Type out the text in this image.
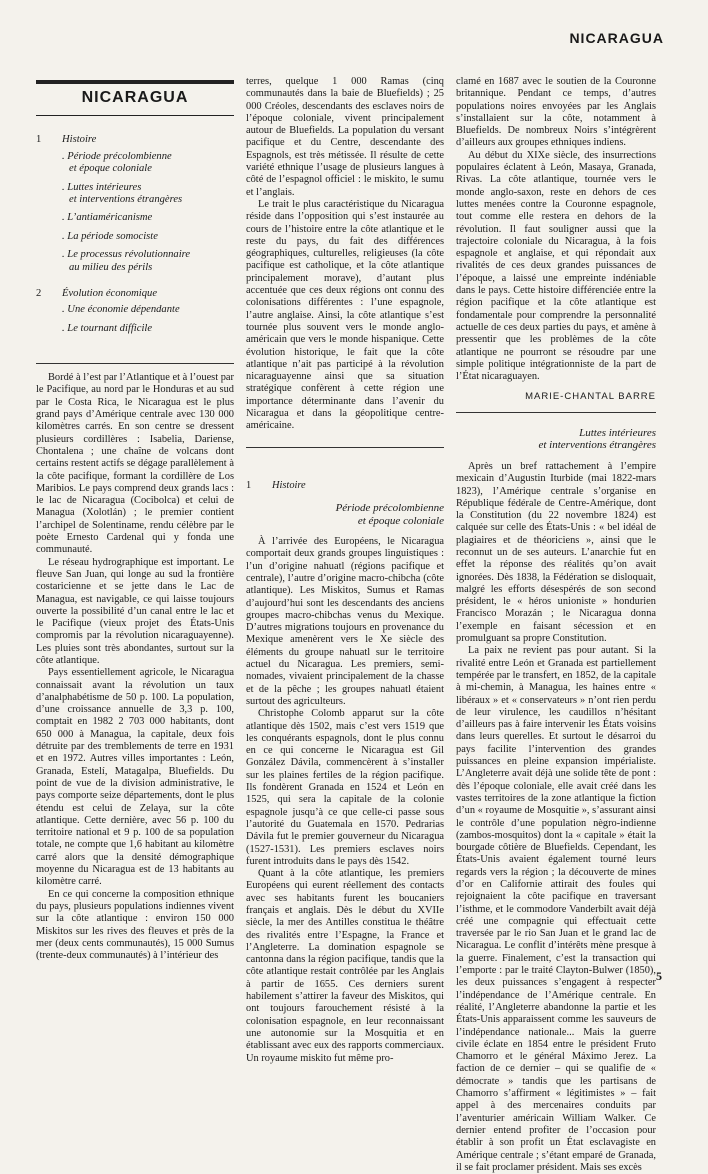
NICARAGUA
NICARAGUA
1	Histoire
. Période précolombienne
et époque coloniale
. Luttes intérieures
et interventions étrangères
. L’antiaméricanisme
. La période somociste
. Le processus révolutionnaire
au milieu des périls
2	Évolution économique
. Une économie dépendante
. Le tournant difficile

Bordé à l’est par l’Atlantique et à l’ouest par le Pacifique, au nord par le Honduras et au sud par le Costa Rica, le Nicaragua est le plus grand pays d’Amérique centrale avec 130 000 kilomètres carrés. En son centre se dressent plusieurs cordillères : Isabelia, Dariense, Chontalena ; une chaîne de volcans dont certains restent actifs se dégage parallèlement à la côte pacifique, formant la cordillère de Los Maribios. Le pays comprend deux grands lacs : le lac de Nicaragua (Cocibolca) et celui de Managua (Xolotlán) ; le premier contient l’archipel de Solentiname, rendu célèbre par le poète Ernesto Cardenal qui y fonda une communauté.

Le réseau hydrographique est important. Le fleuve San Juan, qui longe au sud la frontière costaricienne et se jette dans le Lac de Managua, est navigable, ce qui laisse toujours ouverte la possibilité d’un canal entre le lac et le Pacifique (vieux projet des États-Unis compromis par la révolution nicaraguayenne). Les pluies sont très abondantes, surtout sur la côte atlantique.

Pays essentiellement agricole, le Nicaragua connaissait avant la révolution un taux d’analphabétisme de 50 p. 100. La population, d’une croissance annuelle de 3,3 p. 100, comptait en 1982 2 703 000 habitants, dont 650 000 à Managua, la capitale, deux fois détruite par des tremblements de terre en 1931 et en 1972. Autres villes importantes : León, Granada, Estelí, Matagalpa, Bluefields. Du point de vue de la division administrative, le pays comporte seize départements, dont le plus étendu est celui de Zelaya, sur la côte atlantique. Cette dernière, avec 56 p. 100 du territoire national et 9 p. 100 de sa population totale, ne compte que 1,6 habitant au kilomètre carré alors que la densité démographique moyenne du Nicaragua est de 13 habitants au kilomètre carré.

En ce qui concerne la composition ethnique du pays, plusieurs populations indiennes vivent sur la côte atlantique : environ 150 000 Miskitos sur les rives des fleuves et près de la mer (deux cents communautés), 15 000 Sumus (trente-deux communautés) à l’intérieur des

terres, quelque 1 000 Ramas (cinq communautés dans la baie de Bluefields) ; 25 000 Créoles, descendants des esclaves noirs de l’époque coloniale, vivent principalement autour de Bluefields. La population du versant pacifique et du Centre, descendante des Espagnols, est très métissée. Il résulte de cette variété ethnique l’usage de plusieurs langues à côté de l’espagnol officiel : le miskito, le sumu et l’anglais.

Le trait le plus caractéristique du Nicaragua réside dans l’opposition qui s’est instaurée au cours de l’histoire entre la côte atlantique et le reste du pays, du fait des différences géographiques, culturelles, religieuses (la côte pacifique est catholique, et la côte atlantique principalement morave), d’autant plus accentuée que ces deux régions ont connu des colonisations différentes : l’une espagnole, l’autre anglaise. Ainsi, la côte atlantique s’est tournée plus souvent vers le monde anglo-américain que vers le monde hispanique. Cette évolution historique, le fait que la côte atlantique n’ait pas participé à la révolution nicaraguayenne ainsi que sa situation stratégique confèrent à cette région une importance déterminante dans l’avenir du Nicaragua et dans la géopolitique centre-américaine.

1	Histoire
Période précolombienne
et époque coloniale

À l’arrivée des Européens, le Nicaragua comportait deux grands groupes linguistiques : l’un d’origine nahuatl (régions pacifique et centrale), l’autre d’origine macro-chibcha (côte atlantique). Les Miskitos, Sumus et Ramas d’aujourd’hui sont les descendants des anciens groupes macro-chibchas venus du Mexique. D’autres migrations toujours en provenance du Mexique amenèrent vers le Xe siècle des éléments du groupe nahuatl sur le territoire actuel du Nicaragua. Les premiers, semi-nomades, vivaient principalement de la chasse et de la pêche ; les groupes nahuatl étaient surtout des agriculteurs.

Christophe Colomb apparut sur la côte atlantique dès 1502, mais c’est vers 1519 que les conquérants espagnols, dont le plus connu en ce qui concerne le Nicaragua est Gil González Dávila, commencèrent à s’installer sur les plaines fertiles de la région pacifique. Ils fondèrent Granada en 1524 et León en 1525, qui sera la capitale de la colonie espagnole jusqu’à ce que celle-ci passe sous l’autorité du Guatemala en 1570. Pedrarias Dávila fut le premier gouverneur du Nicaragua (1527-1531). Les premiers esclaves noirs furent introduits dans le pays dès 1542.

Quant à la côte atlantique, les premiers Européens qui eurent réellement des contacts avec ses habitants furent les boucaniers français et anglais. Dès le début du XVIIe siècle, la mer des Antilles constitua le théâtre des rivalités entre l’Espagne, la France et l’Angleterre. La domination espagnole se cantonna dans la région pacifique, tandis que la côte atlantique restait contrôlée par les Anglais à partir de 1655. Ces derniers surent habilement s’attirer la faveur des Miskitos, qui ont toujours farouchement résisté à la colonisation espagnole, en leur reconnaissant une autonomie sur la Mosquitia et en établissant avec eux des rapports commerciaux. Un royaume miskito fut même pro-

clamé en 1687 avec le soutien de la Couronne britannique. Pendant ce temps, d’autres populations noires envoyées par les Anglais s’installaient sur la côte, notamment à Bluefields. De nombreux Noirs s’intégrèrent d’ailleurs aux groupes ethniques indiens.

Au début du XIXe siècle, des insurrections populaires éclatent à León, Masaya, Granada, Rivas. La côte atlantique, tournée vers le monde anglo-saxon, reste en dehors de ces luttes menées contre la Couronne espagnole, tout comme elle restera en dehors de la révolution. Il faut souligner aussi que la trajectoire coloniale du Nicaragua, à la fois espagnole et anglaise, et qui répondait aux rivalités de ces deux grandes puissances de l’époque, a laissé une empreinte indéniable dans le pays. Cette histoire différenciée entre la région pacifique et la côte atlantique est fondamentale pour comprendre la personnalité actuelle de ces deux parties du pays, et amène à pressentir que les problèmes de la côte atlantique ne pourront se résoudre par une simple politique intégrationniste de la part de l’État nicaraguayen.

MARIE-CHANTAL BARRE
Luttes intérieures
et interventions étrangères

Après un bref rattachement à l’empire mexicain d’Augustin Iturbide (mai 1822-mars 1823), l’Amérique centrale s’organise en République fédérale de Centre-Amérique, dont la Constitution (du 22 novembre 1824) est calquée sur celle des États-Unis : « bel idéal de plagiaires et de théoriciens », ainsi que le reconnut un de ses auteurs. L’anarchie fut en effet la réponse des réalités qu’on avait ignorées. Dès 1838, la Fédération se disloquait, malgré les efforts désespérés de son second président, le « héros unioniste » hondurien Francisco Morazán ; le Nicaragua donna l’exemple en faisant sécession et en promulguant sa propre Constitution.

La paix ne revient pas pour autant. Si la rivalité entre León et Granada est partiellement tempérée par le transfert, en 1852, de la capitale à mi-chemin, à Managua, les haines entre « libéraux » et « conservateurs » n’ont rien perdu de leur virulence, les caudillos n’hésitant d’ailleurs pas à faire intervenir les États voisins dans leurs querelles. Et surtout le désarroi du pays facilite l’intervention des grandes puissances en pleine expansion impérialiste. L’Angleterre avait déjà une solide tête de pont : dès l’époque coloniale, elle avait créé dans les vastes territoires de la zone atlantique la fiction d’un « royaume de Mosquitie », s’assurant ainsi le contrôle d’une population nègro-indienne (zambos-mosquitos) dont la « capitale » était la bourgade côtière de Bluefields. Cependant, les États-Unis avaient également tourné leurs regards vers la région ; la découverte de mines d’or en Californie attirait des foules qui rejoignaient la côte pacifique en traversant l’isthme, et le commodore Vanderbilt avait déjà créé une compagnie qui effectuait cette traversée par le rio San Juan et le grand lac de Nicaragua. Le conflit d’intérêts mène presque à la guerre. Finalement, c’est la transaction qui l’emporte : par le traité Clayton-Bulwer (1850), les deux puissances s’engagent à respecter l’indépendance de l’Amérique centrale. En réalité, l’Angleterre abandonne la partie et les États-Unis apparaissent comme les sauveurs de l’indépendance nationale... Mais la guerre civile éclate en 1854 entre le président Fruto Chamorro et le général Máximo Jerez. La faction de ce dernier – qui se qualifie de « démocrate » tandis que les partisans de Chamorro s’affirment « légitimistes » – fait appel à des mercenaires conduits par l’aventurier américain William Walker. Ce dernier entend profiter de l’occasion pour établir à son profit un État esclavagiste en Amérique centrale ; s’étant emparé de Granada, il se fait proclamer président. Mais ses excès

5
